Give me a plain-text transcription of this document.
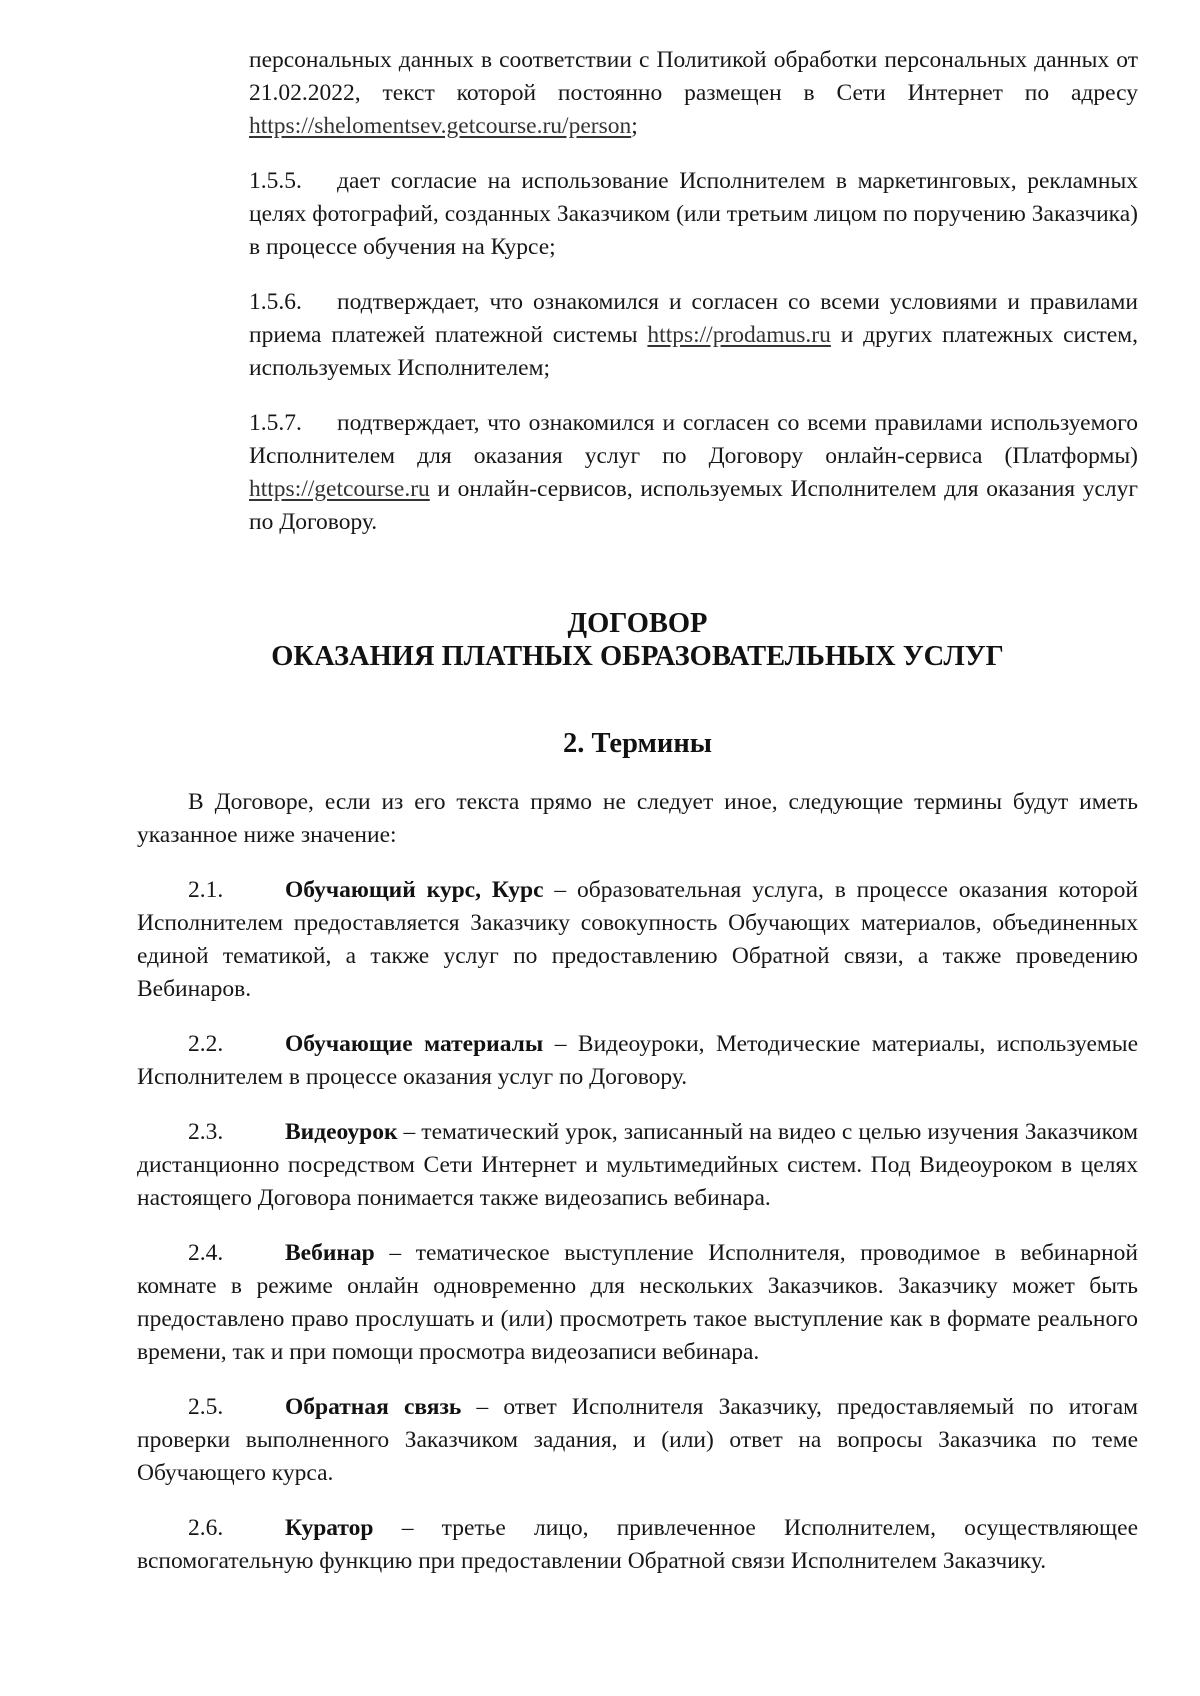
персональных данных в соответствии с Политикой обработки персональных данных от 21.02.2022, текст которой постоянно размещен в Сети Интернет по адресу https://shelomentsev.getcourse.ru/person;

1.5.5. дает согласие на использование Исполнителем в маркетинговых, рекламных целях фотографий, созданных Заказчиком (или третьим лицом по поручению Заказчика) в процессе обучения на Курсе;

1.5.6. подтверждает, что ознакомился и согласен со всеми условиями и правилами приема платежей платежной системы https://prodamus.ru и других платежных систем, используемых Исполнителем;

1.5.7. подтверждает, что ознакомился и согласен со всеми правилами используемого Исполнителем для оказания услуг по Договору онлайн-сервиса (Платформы) https://getcourse.ru и онлайн-сервисов, используемых Исполнителем для оказания услуг по Договору.

ДОГОВОР
ОКАЗАНИЯ ПЛАТНЫХ ОБРАЗОВАТЕЛЬНЫХ УСЛУГ
2. Термины

В Договоре, если из его текста прямо не следует иное, следующие термины будут иметь указанное ниже значение:

2.1.	Обучающий курс, Курс – образовательная услуга, в процессе оказания которой Исполнителем предоставляется Заказчику совокупность Обучающих материалов, объединенных единой тематикой, а также услуг по предоставлению Обратной связи, а также проведению Вебинаров.

2.2.	Обучающие материалы – Видеоуроки, Методические материалы, используемые Исполнителем в процессе оказания услуг по Договору.

2.3.	Видеоурок – тематический урок, записанный на видео с целью изучения Заказчиком дистанционно посредством Сети Интернет и мультимедийных систем. Под Видеоуроком в целях настоящего Договора понимается также видеозапись вебинара.

2.4.	Вебинар – тематическое выступление Исполнителя, проводимое в вебинарной комнате в режиме онлайн одновременно для нескольких Заказчиков. Заказчику может быть предоставлено право прослушать и (или) просмотреть такое выступление как в формате реального времени, так и при помощи просмотра видеозаписи вебинара.

2.5.	Обратная связь – ответ Исполнителя Заказчику, предоставляемый по итогам проверки выполненного Заказчиком задания, и (или) ответ на вопросы Заказчика по теме Обучающего курса.

2.6.	Куратор – третье лицо, привлеченное Исполнителем, осуществляющее вспомогательную функцию при предоставлении Обратной связи Исполнителем Заказчику.
